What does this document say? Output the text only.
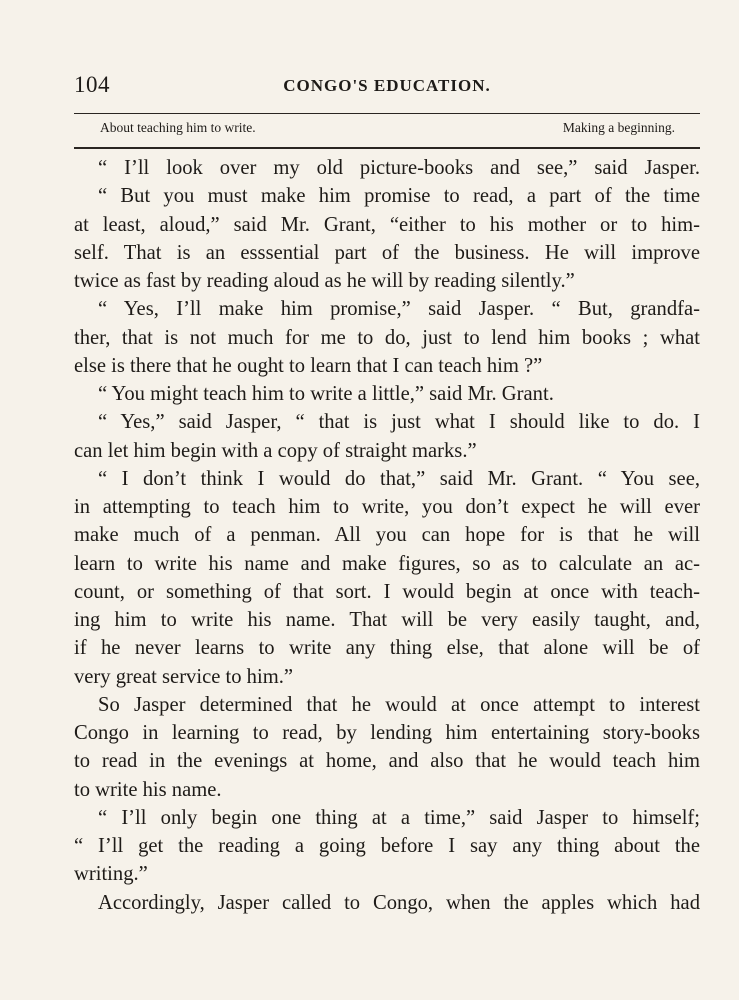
104	CONGO'S EDUCATION.
About teaching him to write.	Making a beginning.
“ I’ll look over my old picture-books and see,” said Jasper.
“ But you must make him promise to read, a part of the time
at least, aloud,” said Mr. Grant, “either to his mother or to him-
self. That is an esssential part of the business. He will improve
twice as fast by reading aloud as he will by reading silently.”
“ Yes, I’ll make him promise,” said Jasper. “ But, grandfa-
ther, that is not much for me to do, just to lend him books ; what
else is there that he ought to learn that I can teach him ?”
“ You might teach him to write a little,” said Mr. Grant.
“ Yes,” said Jasper, “ that is just what I should like to do. I
can let him begin with a copy of straight marks.”
“ I don’t think I would do that,” said Mr. Grant. “ You see,
in attempting to teach him to write, you don’t expect he will ever
make much of a penman. All you can hope for is that he will
learn to write his name and make figures, so as to calculate an ac-
count, or something of that sort. I would begin at once with teach-
ing him to write his name. That will be very easily taught, and,
if he never learns to write any thing else, that alone will be of
very great service to him.”
So Jasper determined that he would at once attempt to interest
Congo in learning to read, by lending him entertaining story-books
to read in the evenings at home, and also that he would teach him
to write his name.
“ I’ll only begin one thing at a time,” said Jasper to himself;
“ I’ll get the reading a going before I say any thing about the
writing.”
Accordingly, Jasper called to Congo, when the apples which had
